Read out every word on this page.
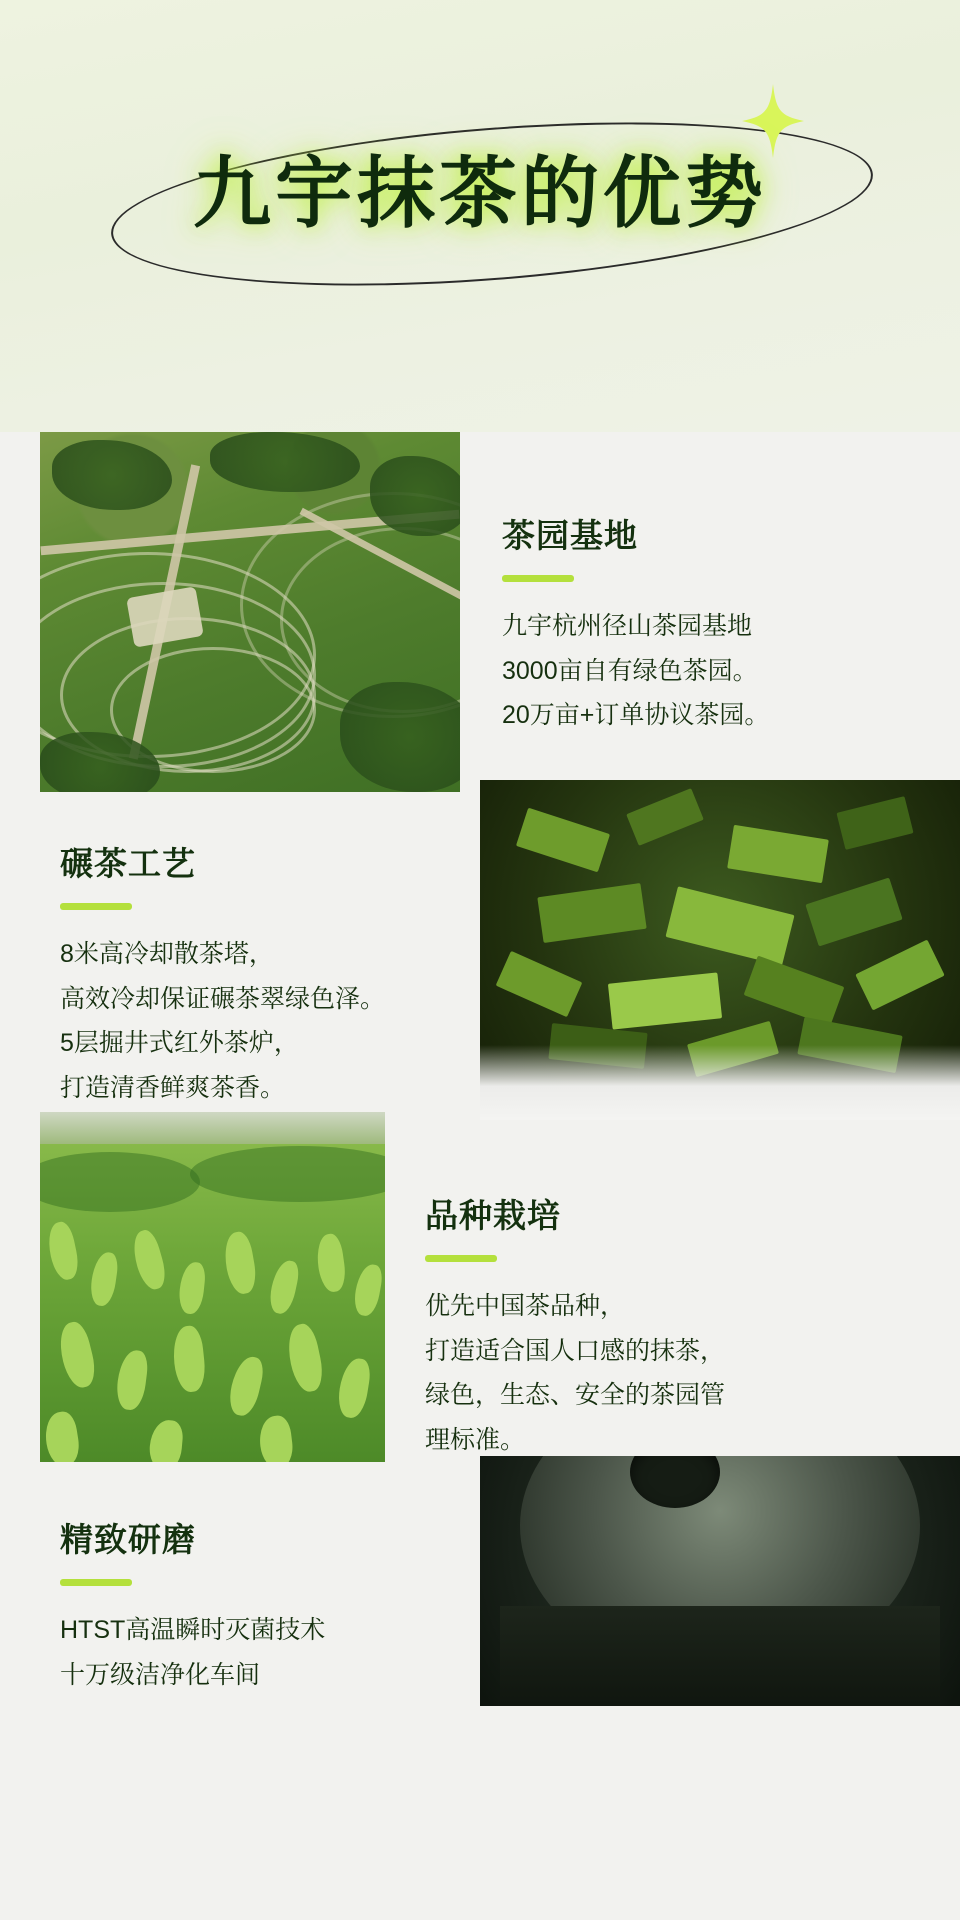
九宇抹茶的优势
茶园基地
九宇杭州径山茶园基地
3000亩自有绿色茶园。
20万亩+订单协议茶园。
碾茶工艺
8米高冷却散茶塔，
高效冷却保证碾茶翠绿色泽。
5层掘井式红外茶炉，
打造清香鲜爽茶香。
品种栽培
优先中国茶品种，
打造适合国人口感的抹茶，
绿色，生态、安全的茶园管
理标准。
精致研磨
HTST高温瞬时灭菌技术
十万级洁净化车间
